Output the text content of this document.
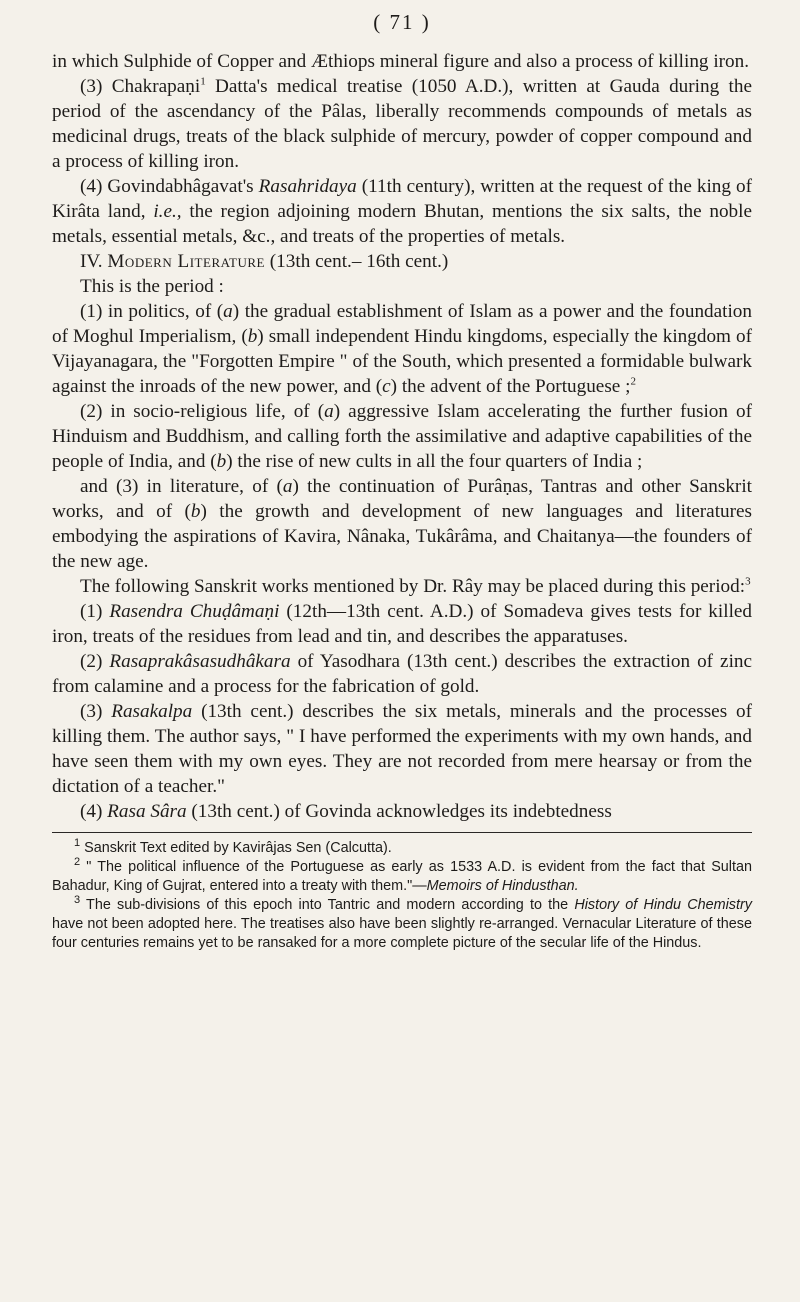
( 71 )

in which Sulphide of Copper and Æthiops mineral figure and also a process of killing iron.

(3) Chakrapaṇi$^1$ Datta's medical treatise (1050 A.D.), written at Gauda during the period of the ascendancy of the Pâlas, liberally recommends compounds of metals as medicinal drugs, treats of the black sulphide of mercury, powder of copper compound and a process of killing iron.

(4) Govindabhâgavat's Rasahridaya (11th century), written at the request of the king of Kirâta land, i.e., the region adjoining modern Bhutan, mentions the six salts, the noble metals, essential metals, &c., and treats of the properties of metals.

IV. Modern Literature (13th cent.– 16th cent.)

This is the period :

(1) in politics, of (a) the gradual establishment of Islam as a power and the foundation of Moghul Imperialism, (b) small independent Hindu kingdoms, especially the kingdom of Vijayanagara, the "Forgotten Empire " of the South, which presented a formidable bulwark against the inroads of the new power, and (c) the advent of the Portuguese ;$^2$

(2) in socio-religious life, of (a) aggressive Islam accelerating the further fusion of Hinduism and Buddhism, and calling forth the assimilative and adaptive capabilities of the people of India, and (b) the rise of new cults in all the four quarters of India ;

and (3) in literature, of (a) the continuation of Purâṇas, Tantras and other Sanskrit works, and of (b) the growth and development of new languages and literatures embodying the aspirations of Kavira, Nânaka, Tukârâma, and Chaitanya—the founders of the new age.

The following Sanskrit works mentioned by Dr. Rây may be placed during this period:$^3$

(1) Rasendra Chuḍâmaṇi (12th—13th cent. A.D.) of Somadeva gives tests for killed iron, treats of the residues from lead and tin, and describes the apparatuses.

(2) Rasaprakâsasudhâkara of Yasodhara (13th cent.) describes the extraction of zinc from calamine and a process for the fabrication of gold.

(3) Rasakalpa (13th cent.) describes the six metals, minerals and the processes of killing them. The author says, " I have performed the experiments with my own hands, and have seen them with my own eyes. They are not recorded from mere hearsay or from the dictation of a teacher."

(4) Rasa Sâra (13th cent.) of Govinda acknowledges its indebtedness

$^1$ Sanskrit Text edited by Kavirâjas Sen (Calcutta).

$^2$ " The political influence of the Portuguese as early as 1533 A.D. is evident from the fact that Sultan Bahadur, King of Gujrat, entered into a treaty with them."—Memoirs of Hindusthan.

$^3$ The sub-divisions of this epoch into Tantric and modern according to the History of Hindu Chemistry have not been adopted here. The treatises also have been slightly re-arranged. Vernacular Literature of these four centuries remains yet to be ransaked for a more complete picture of the secular life of the Hindus.
